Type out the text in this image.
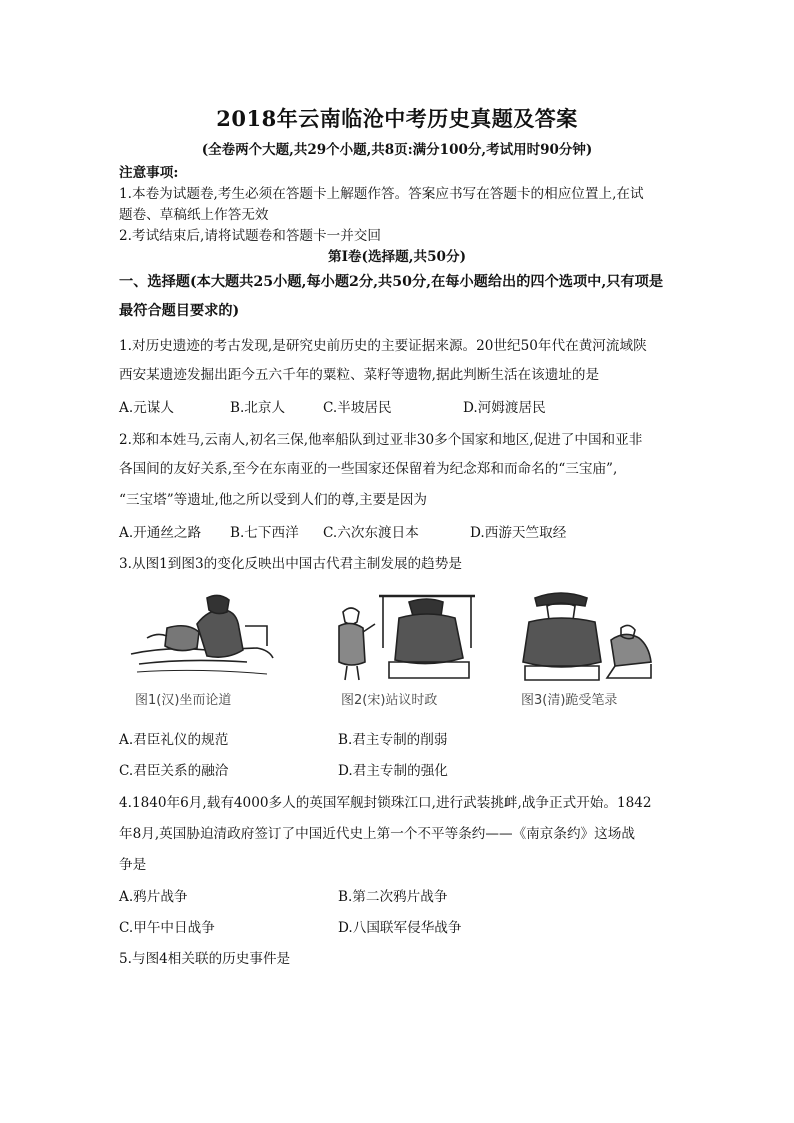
2018年云南临沧中考历史真题及答案
(全卷两个大题,共29个小题,共8页:满分100分,考试用时90分钟)
注意事项:
1.本卷为试题卷,考生必须在答题卡上解题作答。答案应书写在答题卡的相应位置上,在试
题卷、草稿纸上作答无效
2.考试结束后,请将试题卷和答题卡一并交回
第Ⅰ卷(选择题,共50分)
一、选择题(本大题共25小题,每小题2分,共50分,在每小题给出的四个选项中,只有项是
最符合题目要求的)
1.对历史遗迹的考古发现,是研究史前历史的主要证据来源。20世纪50年代在黄河流域陕
西安某遗迹发掘出距今五六千年的粟粒、菜籽等遗物,据此判断生活在该遗址的是
A.元谋人	B.北京人	C.半坡居民	D.河姆渡居民
2.郑和本姓马,云南人,初名三保,他率船队到过亚非30多个国家和地区,促进了中国和亚非
各国间的友好关系,至今在东南亚的一些国家还保留着为纪念郑和而命名的“三宝庙”,
“三宝塔”等遗址,他之所以受到人们的尊,主要是因为
A.开通丝之路 B.七下西洋 C.六次东渡日本	D.西游天竺取经
3.从图1到图3的变化反映出中国古代君主制发展的趋势是
图1(汉)坐而论道	图2(宋)站议时政	图3(清)跪受笔录
A.君臣礼仪的规范	B.君主专制的削弱
C.君臣关系的融洽	D.君主专制的强化
4.1840年6月,载有4000多人的英国军舰封锁珠江口,进行武装挑衅,战争正式开始。1842
年8月,英国胁迫清政府签订了中国近代史上第一个不平等条约——《南京条约》这场战
争是
A.鸦片战争	B.第二次鸦片战争
C.甲午中日战争	D.八国联军侵华战争
5.与图4相关联的历史事件是
